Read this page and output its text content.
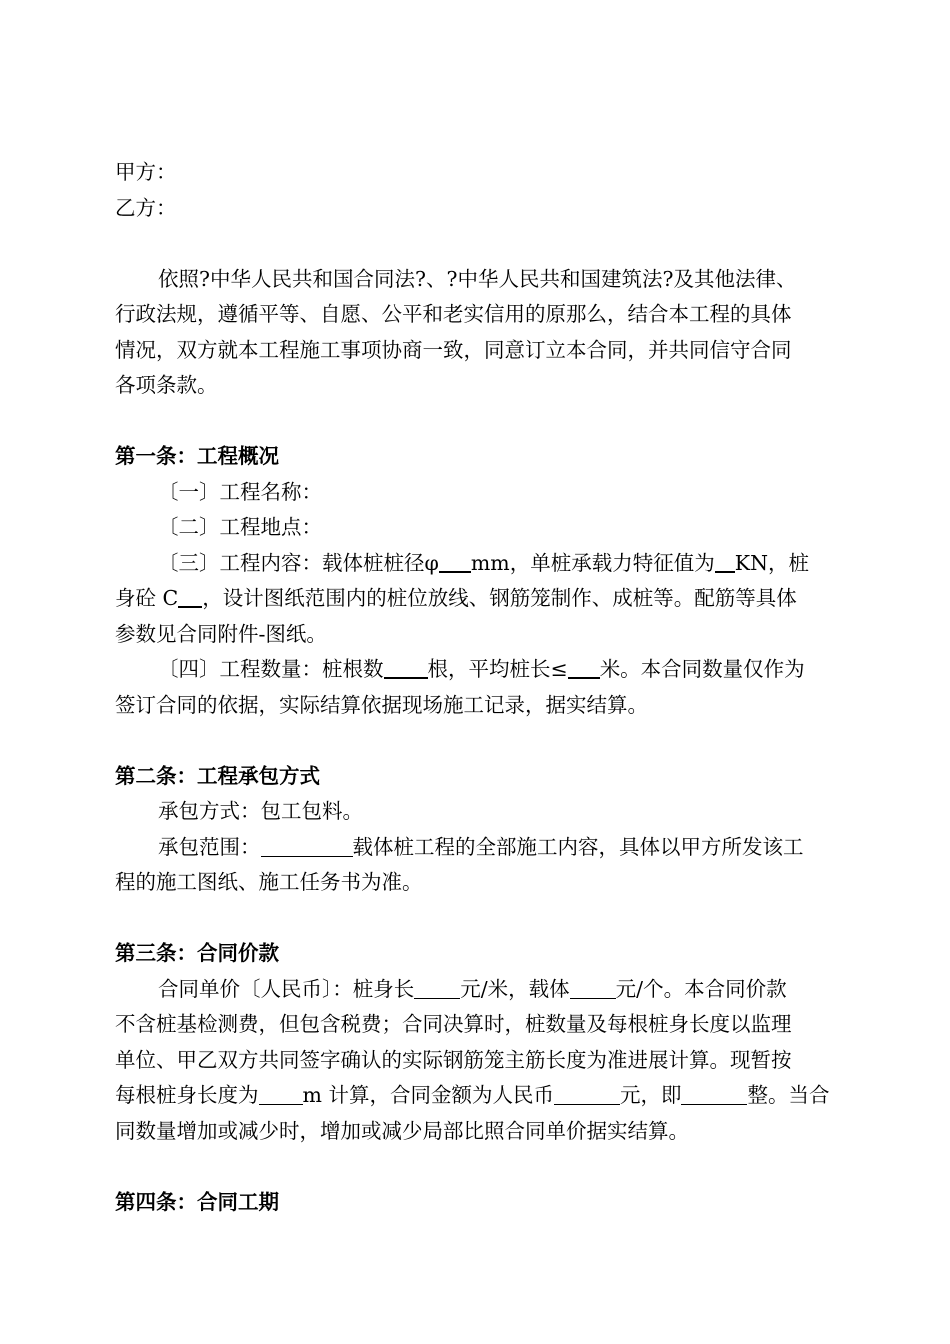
甲方：
乙方：
依照?中华人民共和国合同法?、?中华人民共和国建筑法?及其他法律、
行政法规，遵循平等、自愿、公平和老实信用的原那么，结合本工程的具体
情况，双方就本工程施工事项协商一致，同意订立本合同，并共同信守合同
各项条款。
第一条：工程概况
〔一〕工程名称：
〔二〕工程地点：
〔三〕工程内容：载体桩桩径φ mm，单桩承载力特征值为 KN，桩
身砼 C ，设计图纸范围内的桩位放线、钢筋笼制作、成桩等。配筋等具体
参数见合同附件-图纸。
〔四〕工程数量：桩根数 根，平均桩长≤ 米。本合同数量仅作为
签订合同的依据，实际结算依据现场施工记录，据实结算。
第二条：工程承包方式
承包方式：包工包料。
承包范围：	载体桩工程的全部施工内容，具体以甲方所发该工
程的施工图纸、施工任务书为准。
第三条：合同价款
合同单价〔人民币〕：桩身长 元/米，载体 元/个。本合同价款
不含桩基检测费，但包含税费；合同决算时，桩数量及每根桩身长度以监理
单位、甲乙双方共同签字确认的实际钢筋笼主筋长度为准进展计算。现暂按
每根桩身长度为 m 计算，合同金额为人民币	元，即	整。当合
同数量增加或减少时，增加或减少局部比照合同单价据实结算。
第四条：合同工期
